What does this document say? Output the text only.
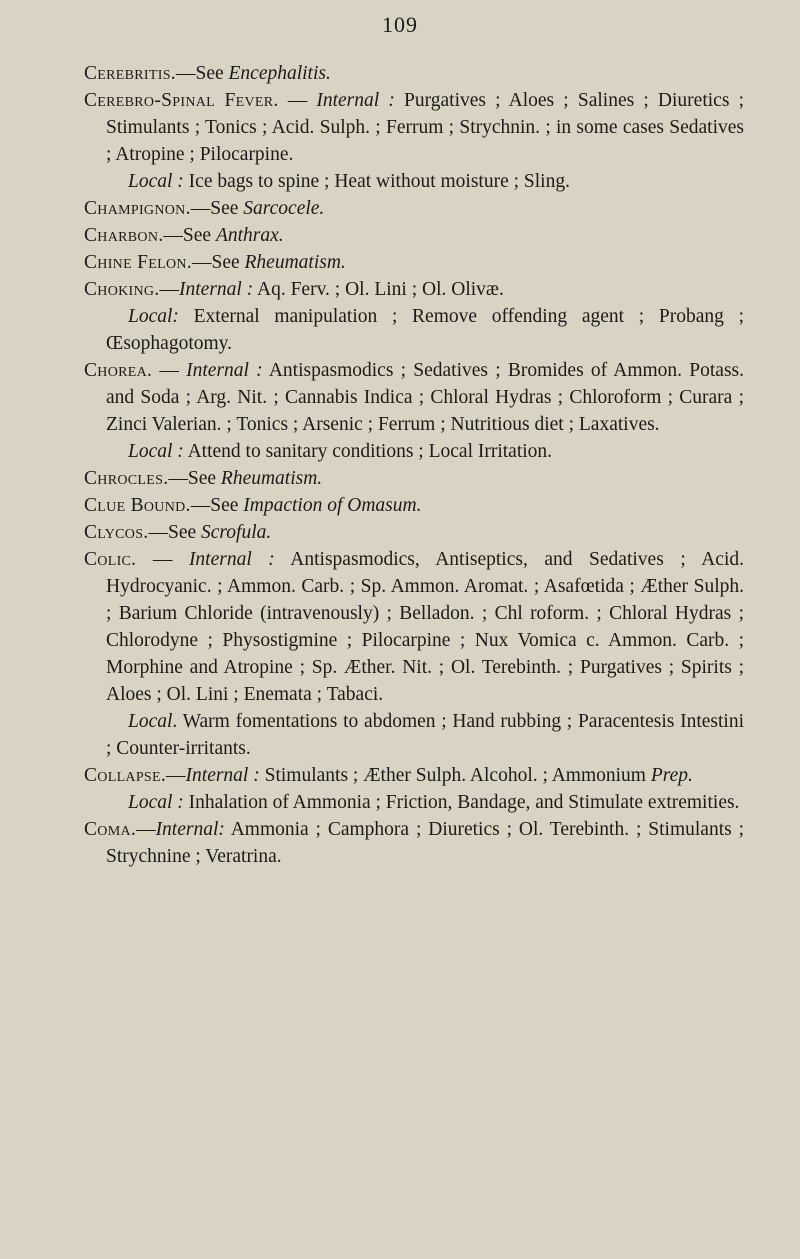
109

Cerebritis.—See Encephalitis.

Cerebro-Spinal Fever. — Internal : Purgatives ; Aloes ; Salines ; Diuretics ; Stimulants ; Tonics ; Acid. Sulph. ; Ferrum ; Strychnin. ; in some cases Sedatives ; Atropine ; Pilocarpine.

Local : Ice bags to spine ; Heat without moisture ; Sling.

Champignon.—See Sarcocele.

Charbon.—See Anthrax.

Chine Felon.—See Rheumatism.

Choking.—Internal : Aq. Ferv. ; Ol. Lini ; Ol. Olivæ.

Local: External manipulation ; Remove offending agent ; Probang ; Œsophagotomy.

Chorea. — Internal : Antispasmodics ; Sedatives ; Bromides of Ammon. Potass. and Soda ; Arg. Nit. ; Cannabis Indica ; Chloral Hydras ; Chloroform ; Curara ; Zinci Valerian. ; Tonics ; Arsenic ; Ferrum ; Nutritious diet ; Laxatives.

Local : Attend to sanitary conditions ; Local Irritation.

Chrocles.—See Rheumatism.

Clue Bound.—See Impaction of Omasum.

Clycos.—See Scrofula.

Colic. — Internal : Antispasmodics, Antiseptics, and Sedatives ; Acid. Hydrocyanic. ; Ammon. Carb. ; Sp. Ammon. Aromat. ; Asafœtida ; Æther Sulph. ; Barium Chloride (intravenously) ; Belladon. ; Chl roform. ; Chloral Hydras ; Chlorodyne ; Physostigmine ; Pilocarpine ; Nux Vomica c. Ammon. Carb. ; Morphine and Atropine ; Sp. Æther. Nit. ; Ol. Terebinth. ; Purgatives ; Spirits ; Aloes ; Ol. Lini ; Enemata ; Tabaci.

Local. Warm fomentations to abdomen ; Hand rubbing ; Paracentesis Intestini ; Counter-irritants.

Collapse.—Internal : Stimulants ; Æther Sulph. Alcohol. ; Ammonium Prep.

Local : Inhalation of Ammonia ; Friction, Bandage, and Stimulate extremities.

Coma.—Internal: Ammonia ; Camphora ; Diuretics ; Ol. Terebinth. ; Stimulants ; Strychnine ; Veratrina.
